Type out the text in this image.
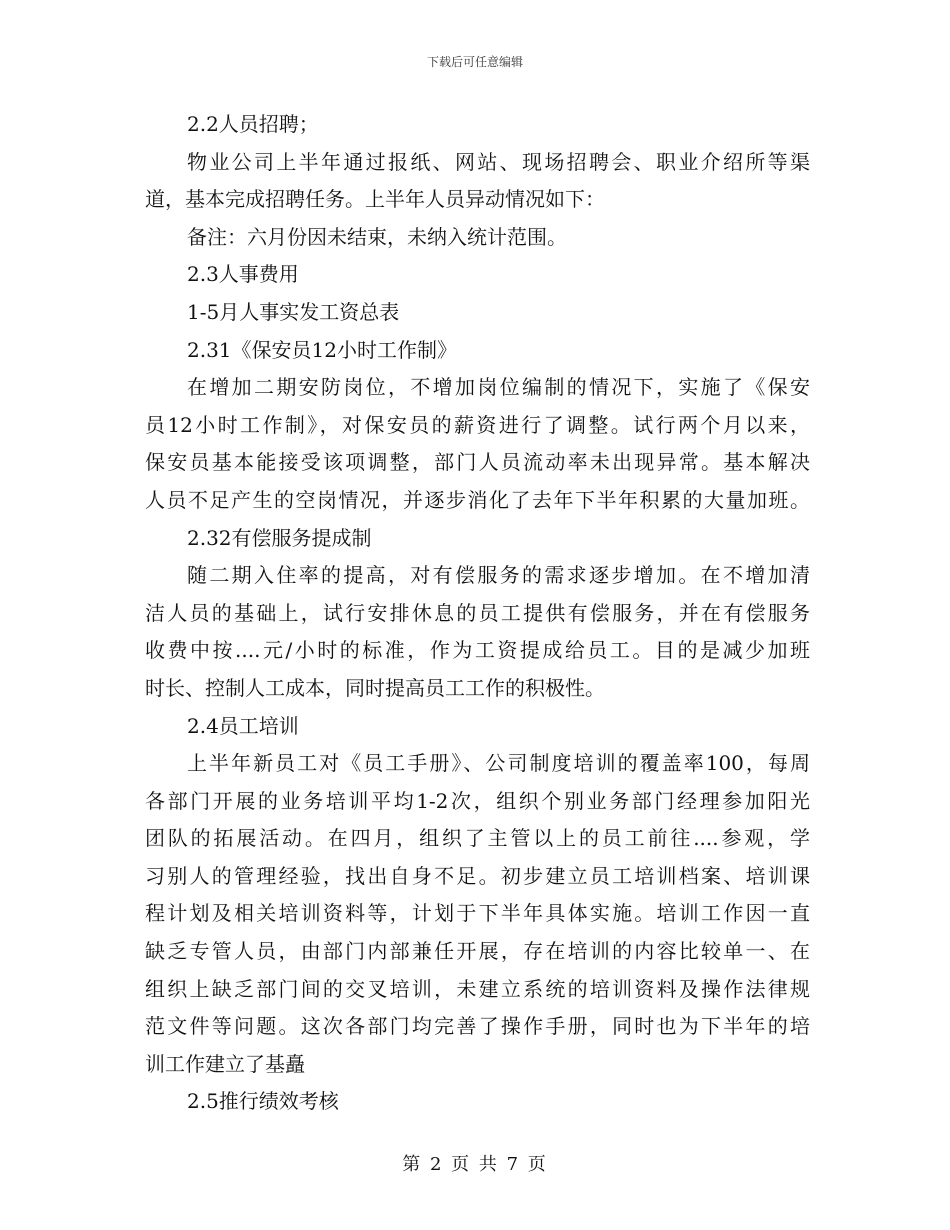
下载后可任意编辑
2.2人员招聘；
物业公司上半年通过报纸、网站、现场招聘会、职业介绍所等渠
道，基本完成招聘任务。上半年人员异动情况如下：
备注：六月份因未结束，未纳入统计范围。
2.3人事费用
1-5月人事实发工资总表
2.31《保安员12小时工作制》
在增加二期安防岗位，不增加岗位编制的情况下，实施了《保安
员12小时工作制》，对保安员的薪资进行了调整。试行两个月以来，
保安员基本能接受该项调整，部门人员流动率未出现异常。基本解决
人员不足产生的空岗情况，并逐步消化了去年下半年积累的大量加班。
2.32有偿服务提成制
随二期入住率的提高，对有偿服务的需求逐步增加。在不增加清
洁人员的基础上，试行安排休息的员工提供有偿服务，并在有偿服务
收费中按....元/小时的标准，作为工资提成给员工。目的是减少加班
时长、控制人工成本，同时提高员工工作的积极性。
2.4员工培训
上半年新员工对《员工手册》、公司制度培训的覆盖率100，每周
各部门开展的业务培训平均1-2次，组织个别业务部门经理参加阳光
团队的拓展活动。在四月，组织了主管以上的员工前往....参观，学
习别人的管理经验，找出自身不足。初步建立员工培训档案、培训课
程计划及相关培训资料等，计划于下半年具体实施。培训工作因一直
缺乏专管人员，由部门内部兼任开展，存在培训的内容比较单一、在
组织上缺乏部门间的交叉培训，未建立系统的培训资料及操作法律规
范文件等问题。这次各部门均完善了操作手册，同时也为下半年的培
训工作建立了基矗
2.5推行绩效考核
第 2 页 共 7 页
